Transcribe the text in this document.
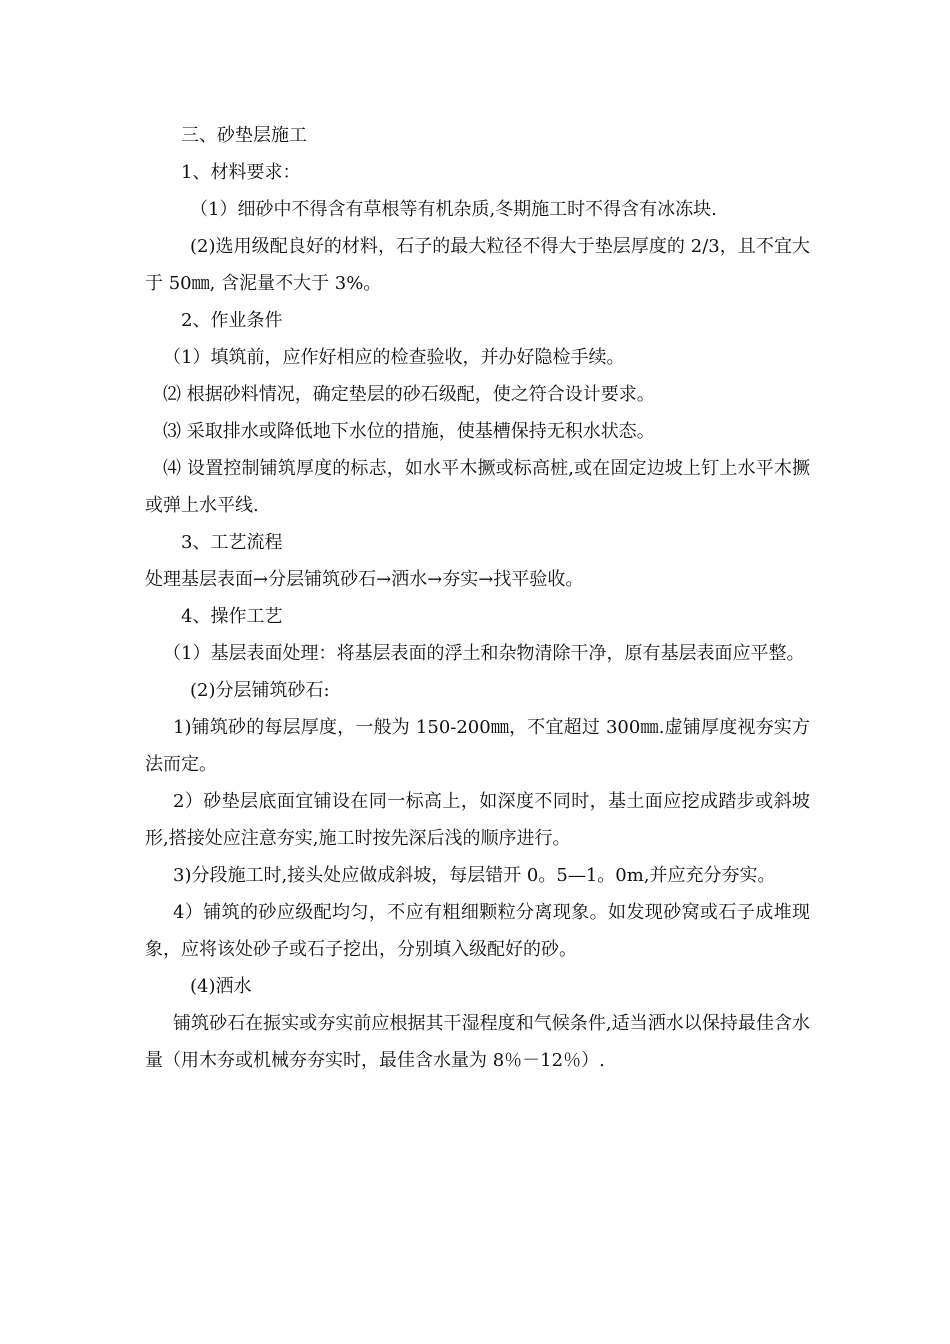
三、砂垫层施工

1、材料要求：

（1）细砂中不得含有草根等有机杂质,冬期施工时不得含有冰冻块.

(2)选用级配良好的材料，石子的最大粒径不得大于垫层厚度的 2/3，且不宜大于 50㎜, 含泥量不大于 3%。

2、作业条件

（1）填筑前，应作好相应的检查验收，并办好隐检手续。

⑵ 根据砂料情况，确定垫层的砂石级配，使之符合设计要求。

⑶ 采取排水或降低地下水位的措施，使基槽保持无积水状态。

⑷ 设置控制铺筑厚度的标志，如水平木撅或标高桩,或在固定边坡上钉上水平木撅或弹上水平线.

3、工艺流程

处理基层表面→分层铺筑砂石→洒水→夯实→找平验收。

4、操作工艺

（1）基层表面处理：将基层表面的浮土和杂物清除干净，原有基层表面应平整。

(2)分层铺筑砂石:

1)铺筑砂的每层厚度，一般为 150-200㎜，不宜超过 300㎜.虚铺厚度视夯实方法而定。

2）砂垫层底面宜铺设在同一标高上，如深度不同时，基土面应挖成踏步或斜坡形,搭接处应注意夯实,施工时按先深后浅的顺序进行。

3)分段施工时,接头处应做成斜坡，每层错开 0。5—1。0m,并应充分夯实。

4）铺筑的砂应级配均匀，不应有粗细颗粒分离现象。如发现砂窝或石子成堆现象，应将该处砂子或石子挖出，分别填入级配好的砂。

(4)洒水

铺筑砂石在振实或夯实前应根据其干湿程度和气候条件,适当洒水以保持最佳含水量（用木夯或机械夯夯实时，最佳含水量为 8％－12％）.
